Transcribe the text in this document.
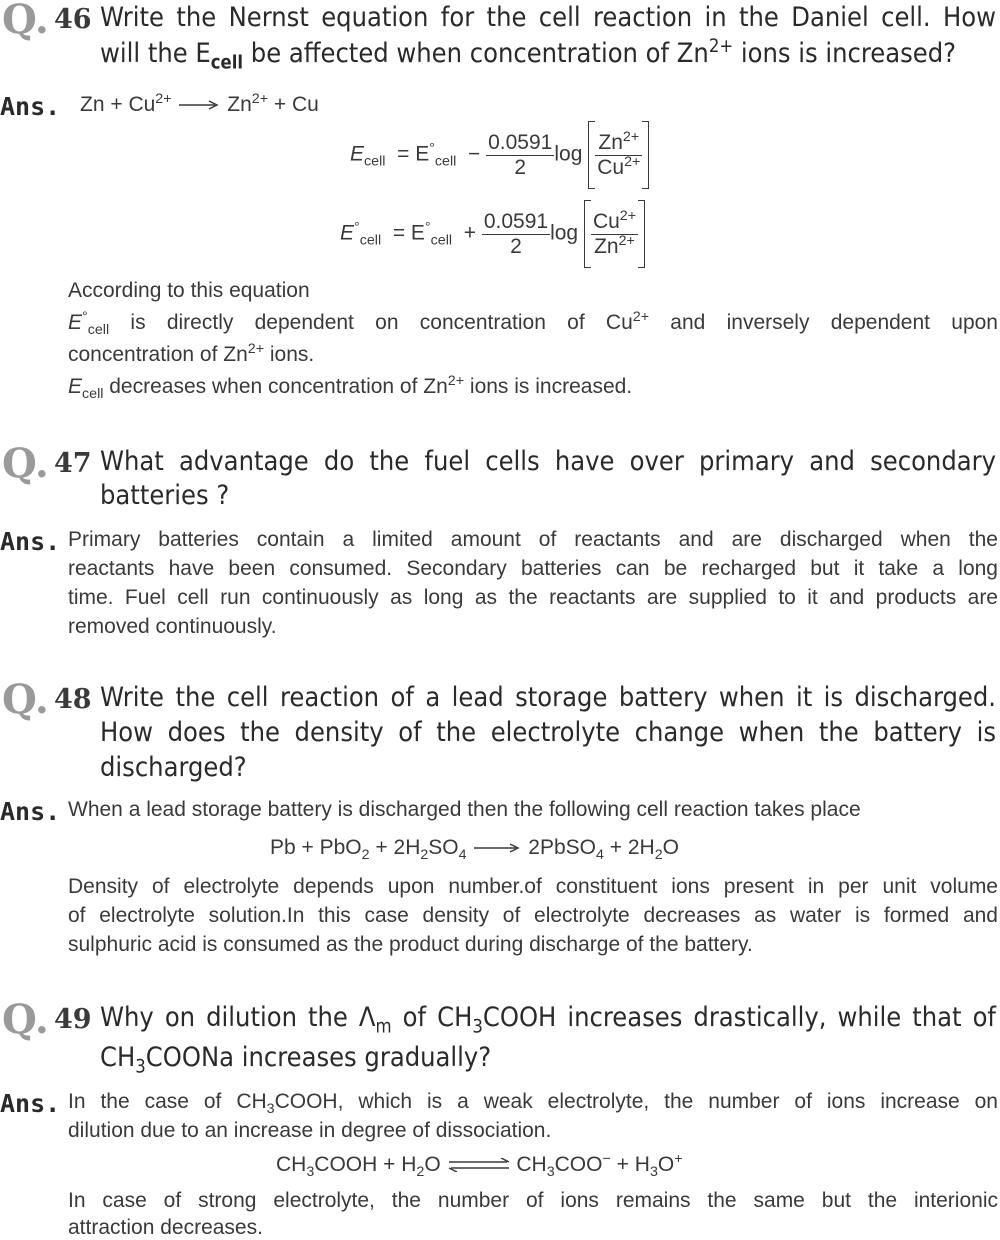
Q. 46 Write the Nernst equation for the cell reaction in the Daniel cell. How
will the $E_{cell}$ be affected when concentration of $Zn^{2+}$ ions is increased?
Ans. $Zn + Cu^{2+} \to Zn^{2+} + Cu$
$E_{cell} = E^\circ_{cell} - \frac{0.0591}{2}$ $\log \frac{Zn^{2+}}{Cu^{2+}}$
$E^\circ_{cell} = E^\circ_{cell} + \frac{0.0591}{2}$ $\log \frac{Cu^{2+}}{Zn^{2+}}$
According to this equation
$E^\circ_{cell}$ is directly dependent on concentration of $Cu^{2+}$ and inversely dependent upon
concentration of $Zn^{2+}$ ions.
$E_{cell}$ decreases when concentration of $Zn^{2+}$ ions is increased.
Q. 47 What advantage do the fuel cells have over primary and secondary
batteries ?
Ans. Primary batteries contain a limited amount of reactants and are discharged when the
reactants have been consumed. Secondary batteries can be recharged but it take a long
time. Fuel cell run continuously as long as the reactants are supplied to it and products are
removed continuously.
Q. 48 Write the cell reaction of a lead storage battery when it is discharged.
How does the density of the electrolyte change when the battery is
discharged?
Ans. When a lead storage battery is discharged then the following cell reaction takes place
$Pb + PbO_2 + 2H_2SO_4$ → 2PbSO$_4$ + $2H_2O$
Density of electrolyte depends upon number.of constituent ions present in per unit volume
of electrolyte solution.In this case density of electrolyte decreases as water is formed and
sulphuric acid is consumed as the product during discharge of the battery.
Q. 49 Why on dilution the $\Lambda_m$ of $CH_3COOH$ increases drastically, while that of
$CH_3COONa$ increases gradually?
Ans. In the case of $CH_3COOH$, which is a weak electrolyte, the number of ions increase on
dilution due to an increase in degree of dissociation.
$CH_3COOH + H_2O$ ⇌ $CH_3COO^- + H_3O^+$
In case of strong electrolyte, the number of ions remains the same but the interionic
attraction decreases.
